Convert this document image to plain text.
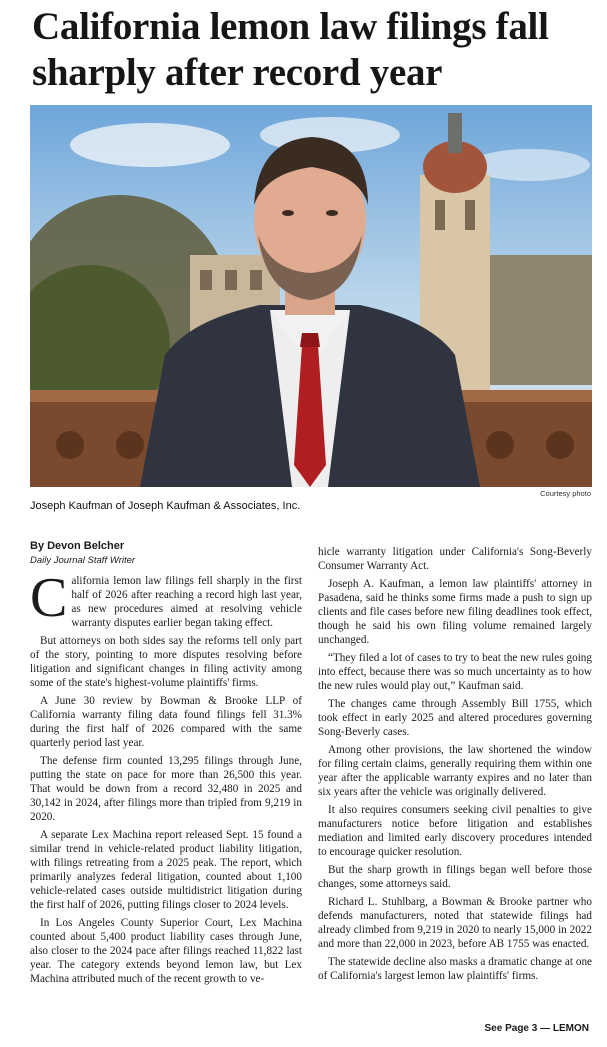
California lemon law filings fall sharply after record year
Courtesy photo
Joseph Kaufman of Joseph Kaufman & Associates, Inc.
By Devon Belcher
Daily Journal Staff Writer

California lemon law filings fell sharply in the first half of 2026 after reaching a record high last year, as new procedures aimed at resolving vehicle warranty disputes earlier began taking effect.

But attorneys on both sides say the reforms tell only part of the story, pointing to more disputes resolving before litigation and significant changes in filing activity among some of the state's highest-volume plaintiffs' firms.

A June 30 review by Bowman & Brooke LLP of California warranty filing data found filings fell 31.3% during the first half of 2026 compared with the same quarterly period last year.

The defense firm counted 13,295 filings through June, putting the state on pace for more than 26,500 this year. That would be down from a record 32,480 in 2025 and 30,142 in 2024, after filings more than tripled from 9,219 in 2020.

A separate Lex Machina report released Sept. 15 found a similar trend in vehicle-related product liability litigation, with filings retreating from a 2025 peak. The report, which primarily analyzes federal litigation, counted about 1,100 vehicle-related cases outside multidistrict litigation during the first half of 2026, putting filings closer to 2024 levels.

In Los Angeles County Superior Court, Lex Machina counted about 5,400 product liability cases through June, also closer to the 2024 pace after filings reached 11,822 last year. The category extends beyond lemon law, but Lex Machina attributed much of the recent growth to ve-

hicle warranty litigation under California's Song-Beverly Consumer Warranty Act.

Joseph A. Kaufman, a lemon law plaintiffs' attorney in Pasadena, said he thinks some firms made a push to sign up clients and file cases before new filing deadlines took effect, though he said his own filing volume remained largely unchanged.

“They filed a lot of cases to try to beat the new rules going into effect, because there was so much uncertainty as to how the new rules would play out,” Kaufman said.

The changes came through Assembly Bill 1755, which took effect in early 2025 and altered procedures governing Song-Beverly cases.

Among other provisions, the law shortened the window for filing certain claims, generally requiring them within one year after the applicable warranty expires and no later than six years after the vehicle was originally delivered.

It also requires consumers seeking civil penalties to give manufacturers notice before litigation and establishes mediation and limited early discovery procedures intended to encourage quicker resolution.

But the sharp growth in filings began well before those changes, some attorneys said.

Richard L. Stuhlbarg, a Bowman & Brooke partner who defends manufacturers, noted that statewide filings had already climbed from 9,219 in 2020 to nearly 15,000 in 2022 and more than 22,000 in 2023, before AB 1755 was enacted.

The statewide decline also masks a dramatic change at one of California's largest lemon law plaintiffs' firms.

See Page 3 — LEMON
